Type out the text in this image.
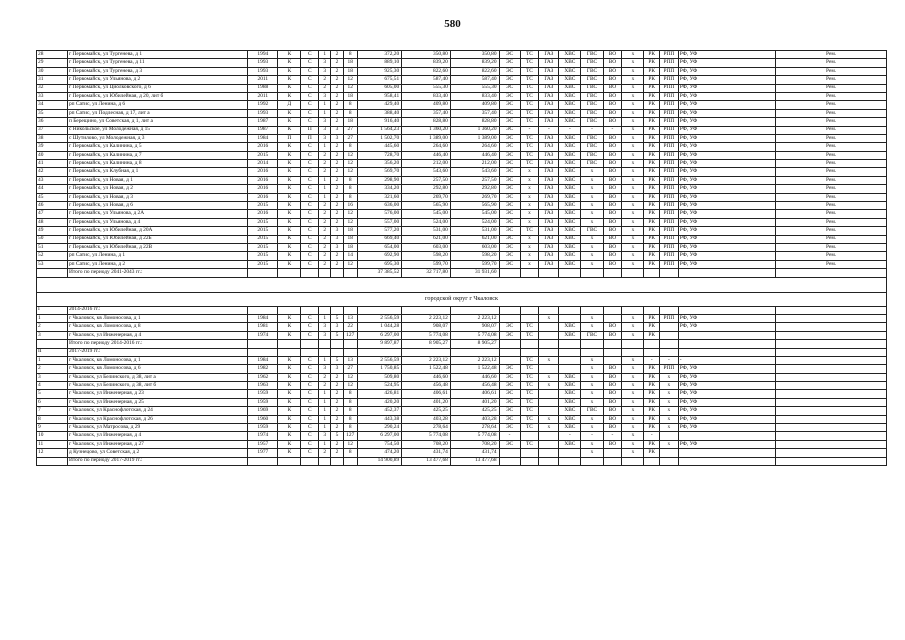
580
28	г Первомайск, ул Тургенева, д 1	1994	К	С	1	2	8	372,20	350,80	350,80	ЭС	ТС	ГАЗ	ХВС	ГВС	ВО	х	РК	РПП	РФ, УФ	Рем.
29	г Первомайск, ул Тургенева, д 11	1993	К	С	3	2	18	889,10	839,20	839,20	ЭС	ТС	ГАЗ	ХВС	ГВС	ВО	х	РК	РПП	РФ, УФ	Рем.
30	г Первомайск, ул Тургенева, д 3	1993	К	С	3	2	18	925,30	822,60	822,60	ЭС	ТС	ГАЗ	ХВС	ГВС	ВО	х	РК	РПП	РФ, УФ	Рем.
31	г Первомайск, ул Ульянова, д 2	2011	К	С	2	2	12	675,51	587,40	587,40	ЭС	ТС	ГАЗ	ХВС	ГВС	ВО	х	РК	РПП	РФ, УФ	Рем.
32	г Первомайск, ул Циолковского, д 6	1988	К	С	2	2	12	605,00	555,30	555,30	ЭС	ТС	ГАЗ	ХВС	ГВС	ВО	х	РК	РПП	РФ, УФ	Рем.
33	г Первомайск, ул Юбилейная, д 20, лит б	2011	К	С	3	2	18	958,41	833,40	833,40	ЭС	ТС	ГАЗ	ХВС	ГВС	ВО	х	РК	РПП	РФ, УФ	Рем.
34	рп Сатис, ул Ленина, д 6	1992	Д	С	1	2	8	429,40	409,80	409,80	ЭС	ТС	ГАЗ	ХВС	ГВС	ВО	х	РК	РПП	РФ, УФ	Рем.
35	рп Сатис, ул Подлесная, д 17, лит а	1993	К	С	1	2	8	388,40	357,40	357,40	ЭС	ТС	ГАЗ	ХВС	ГВС	ВО	х	РК	РПП	РФ, УФ	Рем.
36	п Берещино, ул Советская, д 1, лит а	1987	К	С	3	2	18	916,40	828,80	828,80	ЭС	ТС	ГАЗ	ХВС	ГВС	ВО	х	РК	РПП	РФ, УФ	Рем.
37	с Никольское, ул Молодежная, д 15	1987	К	П	3	3	27	1 564,23	1 360,20	1 360,20	ЭС	-	-	-	-	-	х	РК	РПП	РФ, УФ	Рем.
38	с Шутилово, ул Молодежная, д 3	1984	П	П	3	3	27	1 502,70	1 389,00	1 389,00	ЭС	ТС	ГАЗ	ХВС	ГВС	ВО	х	РК	РПП	РФ, УФ	Рем.
39	г Первомайск, ул Калинина, д 5	2016	К	С	1	2	8	445,60	264,60	264,60	ЭС	ТС	ГАЗ	ХВС	ГВС	ВО	х	РК	РПП	РФ, УФ	Рем.
40	г Первомайск, ул Калинина, д 7	2015	К	С	2	2	12	728,70	446,40	446,40	ЭС	ТС	ГАЗ	ХВС	ГВС	ВО	х	РК	РПП	РФ, УФ	Рем.
41	г Первомайск, ул Калинина, д 8	2014	К	С	2	2	12	356,20	212,00	212,00	ЭС	ТС	ГАЗ	ХВС	ГВС	ВО	х	РК	РПП	РФ, УФ	Рем.
42	г Первомайск, ул Клубная, д 1	2016	К	С	2	2	12	569,70	543,60	543,60	ЭС	х	ГАЗ	ХВС	х	ВО	х	РК	РПП	РФ, УФ	Рем.
43	г Первомайск, ул Новая, д 1	2016	К	С	1	2	8	298,90	257,50	257,50	ЭС	х	ГАЗ	ХВС	х	ВО	х	РК	РПП	РФ, УФ	Рем.
44	г Первомайск, ул Новая, д 2	2016	К	С	1	2	8	334,20	292,80	292,80	ЭС	х	ГАЗ	ХВС	х	ВО	х	РК	РПП	РФ, УФ	Рем.
45	г Первомайск, ул Новая, д 3	2016	К	С	1	2	8	321,60	269,70	269,70	ЭС	х	ГАЗ	ХВС	х	ВО	х	РК	РПП	РФ, УФ	Рем.
46	г Первомайск, ул Новая, д 6	2015	К	С	2	2	16	636,00	565,90	565,90	ЭС	х	ГАЗ	ХВС	х	ВО	х	РК	РПП	РФ, УФ	Рем.
47	г Первомайск, ул Ульянова, д 2А	2016	К	С	2	2	12	576,00	545,00	545,00	ЭС	х	ГАЗ	ХВС	х	ВО	х	РК	РПП	РФ, УФ	Рем.
48	г Первомайск, ул Ульянова, д 4	2015	К	С	2	2	12	557,00	524,00	524,00	ЭС	х	ГАЗ	ХВС	х	ВО	х	РК	РПП	РФ, УФ	Рем.
49	г Первомайск, ул Юбилейная, д 20А	2015	К	С	2	3	18	577,20	531,00	531,00	ЭС	ТС	ГАЗ	ХВС	ГВС	ВО	х	РК	РПП	РФ, УФ	Рем.
50	г Первомайск, ул Юбилейная, д 22Б	2015	К	С	2	3	18	669,40	621,00	621,00	ЭС	х	ГАЗ	ХВС	х	ВО	х	РК	РПП	РФ, УФ	Рем.
51	г Первомайск, ул Юбилейная, д 22В	2015	К	С	2	3	18	654,00	603,00	603,00	ЭС	х	ГАЗ	ХВС	х	ВО	х	РК	РПП	РФ, УФ	Рем.
52	рп Сатис, ул Ленина, д 1	2015	К	С	2	2	14	692,90	598,20	598,20	ЭС	х	ГАЗ	ХВС	х	ВО	х	РК	РПП	РФ, УФ	Рем.
53	рп Сатис, ул Ленина, д 2	2015	К	С	2	2	12	695,30	599,70	599,70	ЭС	х	ГАЗ	ХВС	х	ВО	х	РК	РПП	РФ, УФ	Рем.
	Итого по периоду 2041-2043 гг.:							37 385,52	32 717,80	31 931,60											

городской округ г Чкаловск																					
I	2014-2016 гг.:																				
1	г Чкаловск, кв Ломоносова, д 1	1984	К	С	1	5	13	2 556,59	2 223,12	2 223,12			х		х		х	РК	РПП	РФ, УФ	
2	г Чкаловск, кв Ломоносова, д 8	1981	К	С	3	3	22	1 044,28	908,07	908,07	ЭС	ТС		ХВС	х	ВО	х	РК		РФ, УФ	
3	г Чкаловск, ул Инженерная, д 4	1974	К	С	3	5	127	6 297,00	5 774,08	5 774,08	ЭС	ТС		ХВС	ГВС	ВО	х	РК			
	Итого по периоду 2014-2016 гг.:							9 897,87	8 905,27	8 905,27											
II	2017-2019 гг.:																				
1	г Чкаловск, кв Ломоносова, д 1	1984	К	С	1	5	13	2 556,59	2 223,12	2 223,12		ТС	х		х		х	-	-	-	
2	г Чкаловск, кв Ломоносова, д 6	1982	К	С	3	3	27	1 750,85	1 522,48	1 522,48	ЭС	ТС			х	ВО	х	РК	РПП	РФ, УФ	
3	г Чкаловск, ул Белинского, д 38, лит а	1962	К	С	2	2	12	509,80	446,60	446,60	ЭС	ТС	х	ХВС	х	ВО	х	РК	х	РФ, УФ	
4	г Чкаловск, ул Белинского, д 38, лит б	1963	К	С	2	2	12	524,95	456,48	456,48	ЭС	ТС	х	ХВС	х	ВО	х	РК	х	РФ, УФ	
5	г Чкаловск, ул Инженерная, д 23	1959	К	С	1	2	8	426,81	406,61	406,61	ЭС	ТС		ХВС	х	ВО	х	РК	х	РФ, УФ	
6	г Чкаловск, ул Инженерная, д 25	1959	К	С	1	2	8	420,20	401,20	401,20	ЭС	ТС		ХВС	х	ВО	х	РК	х	РФ, УФ	
7	г Чкаловск, ул Краснофлотская, д 24	1969	К	С	1	2	8	452,37	425,25	425,25	ЭС	ТС		ХВС	ГВС	ВО	х	РК	х	РФ, УФ	
8	г Чкаловск, ул Краснофлотская, д 26	1960	К	С	1	2	8	443,38	403,28	403,28	ЭС	ТС	х	ХВС	х	ВО	х	РК	х	РФ, УФ	
9	г Чкаловск, ул Матросова, д 29	1959	К	С	1	2	8	290,24	278,64	278,64	ЭС	ТС	х	ХВС	х	ВО	х	РК	х	РФ, УФ	
10	г Чкаловск, ул Инженерная, д 4	1974	К	С	3	5	127	6 297,00	5 774,08	5 774,08	-			-	-	-	х	-			
11	г Чкаловск, ул Инженерная, д 27	1957	К	С	1	2	12	754,50	708,20	708,20	ЭС	ТС		ХВС	х	ВО	х	РК	х	РФ, УФ	
12	д Кузнецово, ул Советская, д 2	1977	К	С	2	2	8	474,20	431,74	431,74					х		х	РК			
	Итого по периоду 2017-2019 гг.:							14 900,89	13 477,68	13 477,68											
